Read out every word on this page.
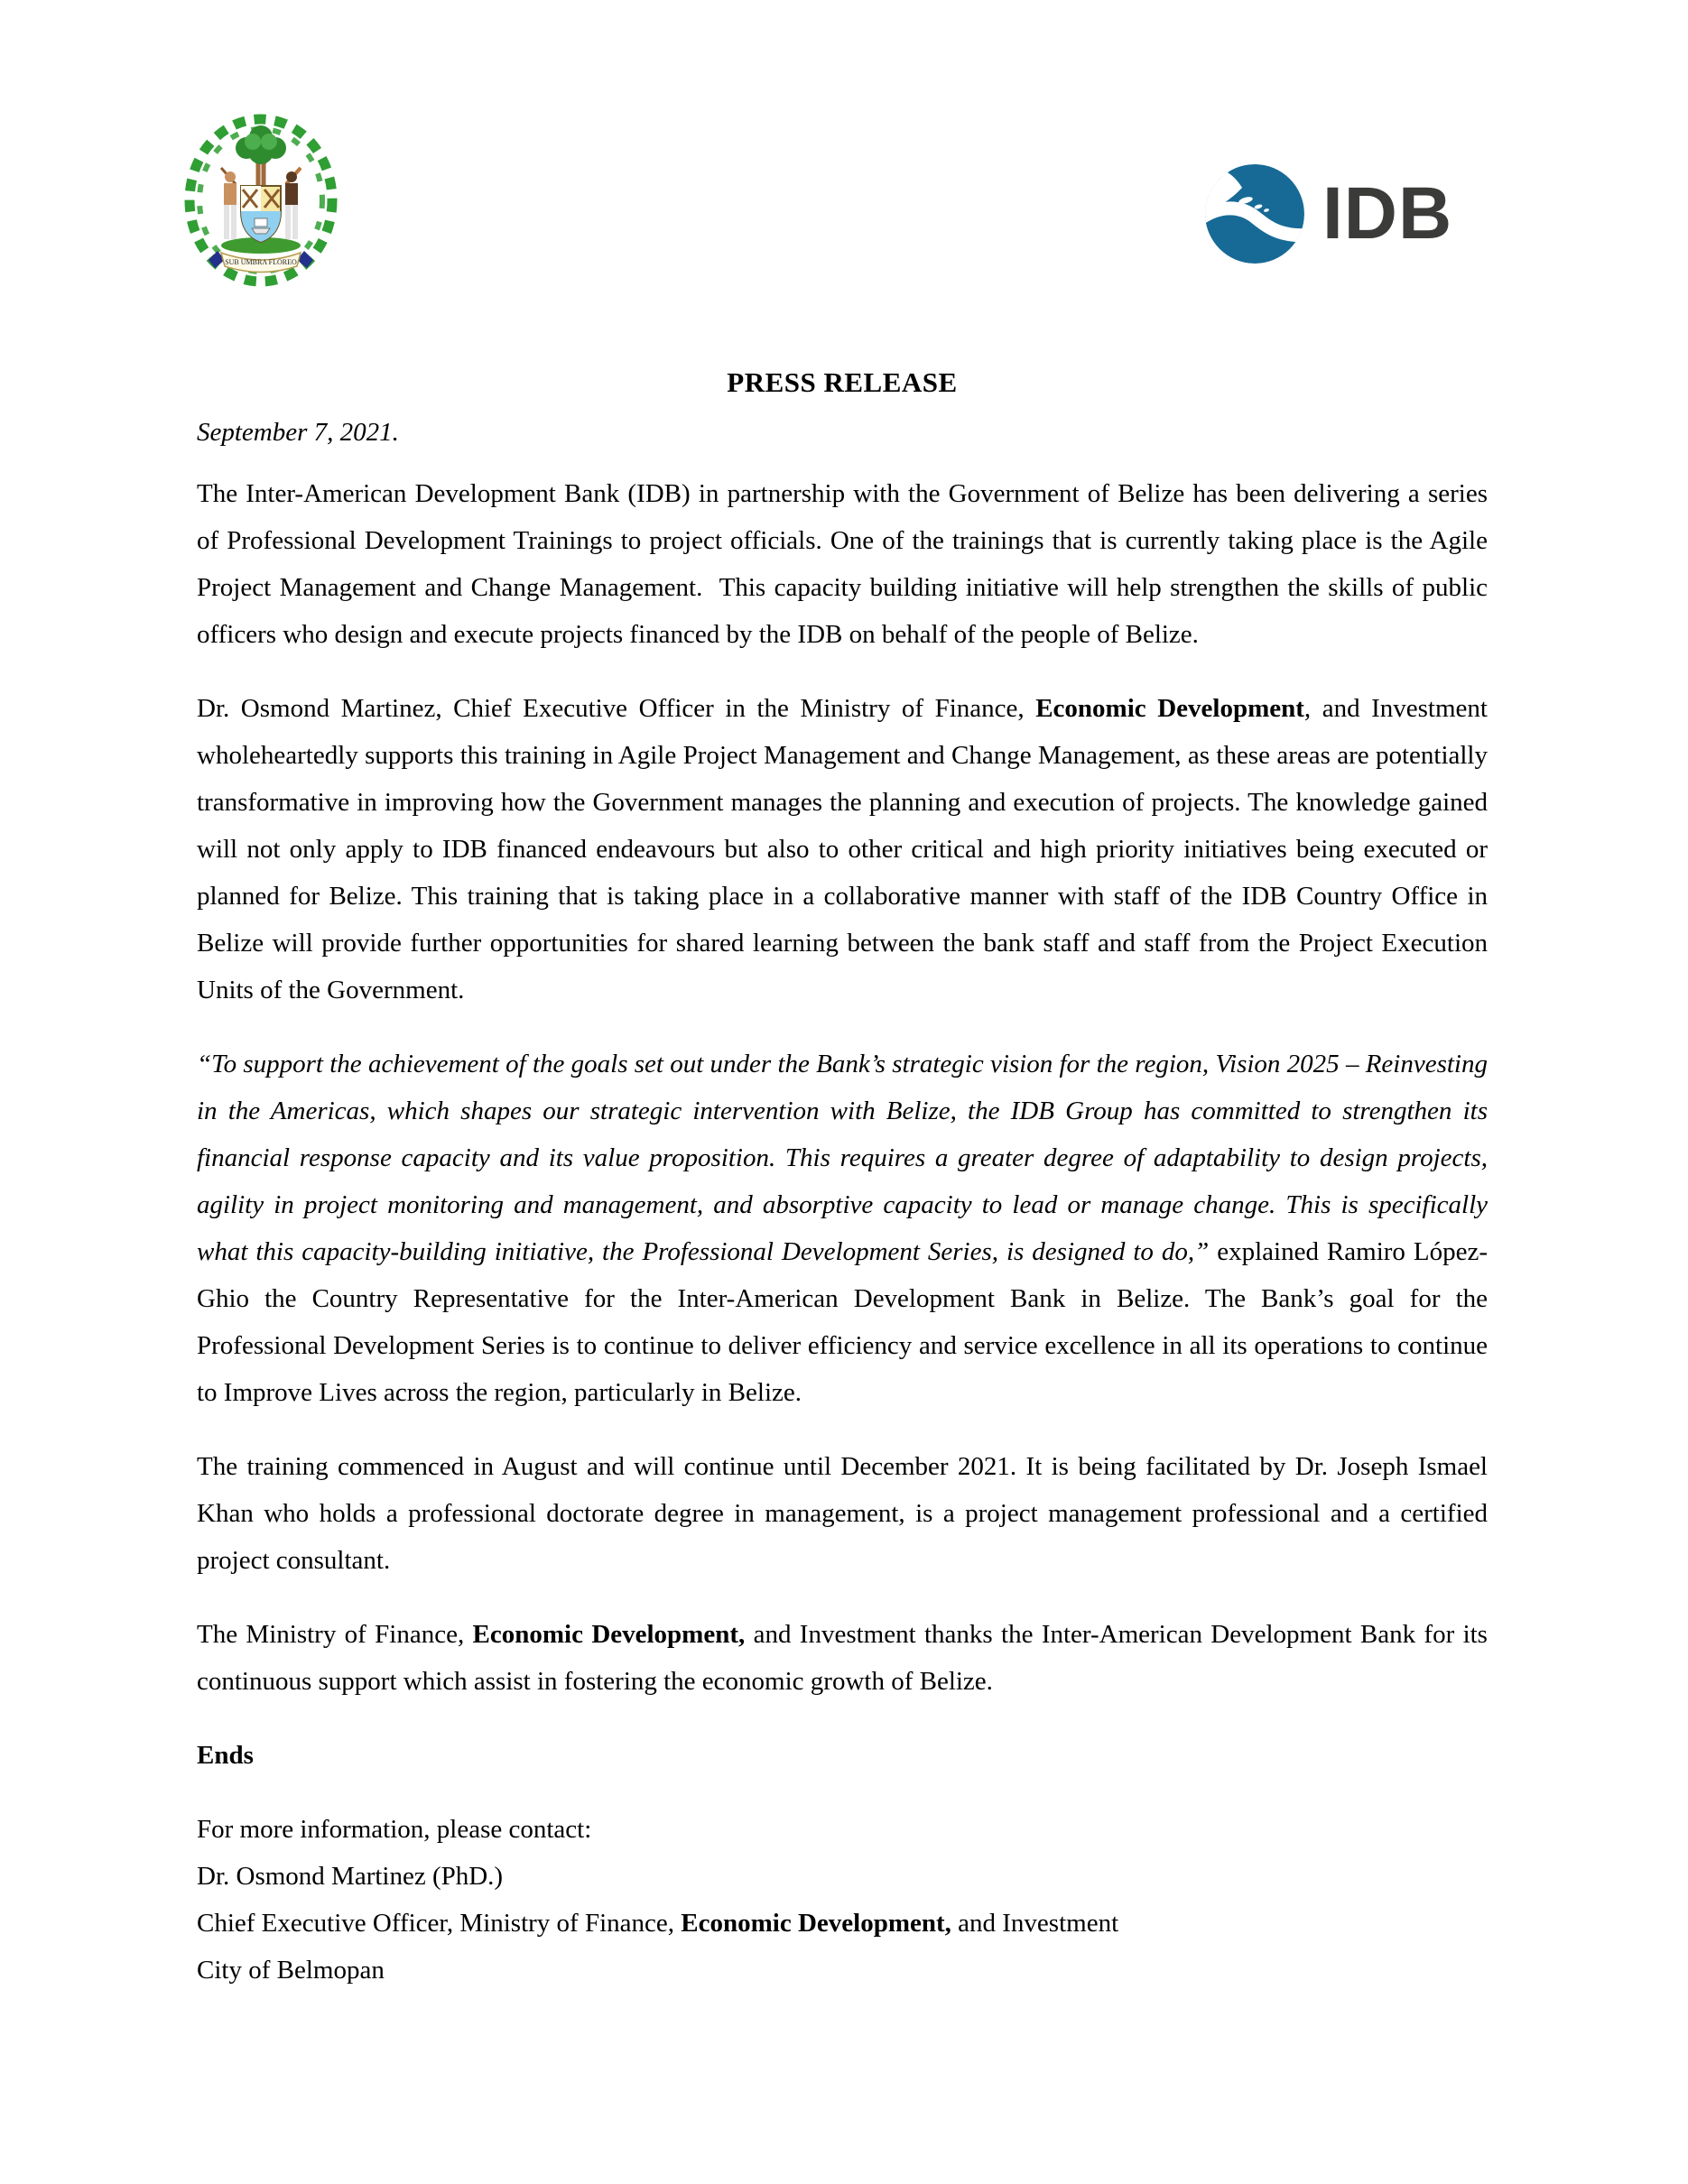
SUB UMBRA FLOREO
IDB

PRESS RELEASE

September 7, 2021.

The Inter-American Development Bank (IDB) in partnership with the Government of Belize has been delivering a series of Professional Development Trainings to project officials. One of the trainings that is currently taking place is the Agile Project Management and Change Management.  This capacity building initiative will help strengthen the skills of public officers who design and execute projects financed by the IDB on behalf of the people of Belize.

Dr. Osmond Martinez, Chief Executive Officer in the Ministry of Finance, Economic Development, and Investment wholeheartedly supports this training in Agile Project Management and Change Management, as these areas are potentially transformative in improving how the Government manages the planning and execution of projects. The knowledge gained will not only apply to IDB financed endeavours but also to other critical and high priority initiatives being executed or planned for Belize. This training that is taking place in a collaborative manner with staff of the IDB Country Office in Belize will provide further opportunities for shared learning between the bank staff and staff from the Project Execution Units of the Government.

“To support the achievement of the goals set out under the Bank’s strategic vision for the region, Vision 2025 – Reinvesting in the Americas, which shapes our strategic intervention with Belize, the IDB Group has committed to strengthen its financial response capacity and its value proposition. This requires a greater degree of adaptability to design projects, agility in project monitoring and management, and absorptive capacity to lead or manage change. This is specifically what this capacity-building initiative, the Professional Development Series, is designed to do,” explained Ramiro López-Ghio the Country Representative for the Inter-American Development Bank in Belize. The Bank’s goal for the Professional Development Series is to continue to deliver efficiency and service excellence in all its operations to continue to Improve Lives across the region, particularly in Belize.

The training commenced in August and will continue until December 2021. It is being facilitated by Dr. Joseph Ismael Khan who holds a professional doctorate degree in management, is a project management professional and a certified project consultant.

The Ministry of Finance, Economic Development, and Investment thanks the Inter-American Development Bank for its continuous support which assist in fostering the economic growth of Belize.

Ends

For more information, please contact:
Dr. Osmond Martinez (PhD.)
Chief Executive Officer, Ministry of Finance, Economic Development, and Investment
City of Belmopan
